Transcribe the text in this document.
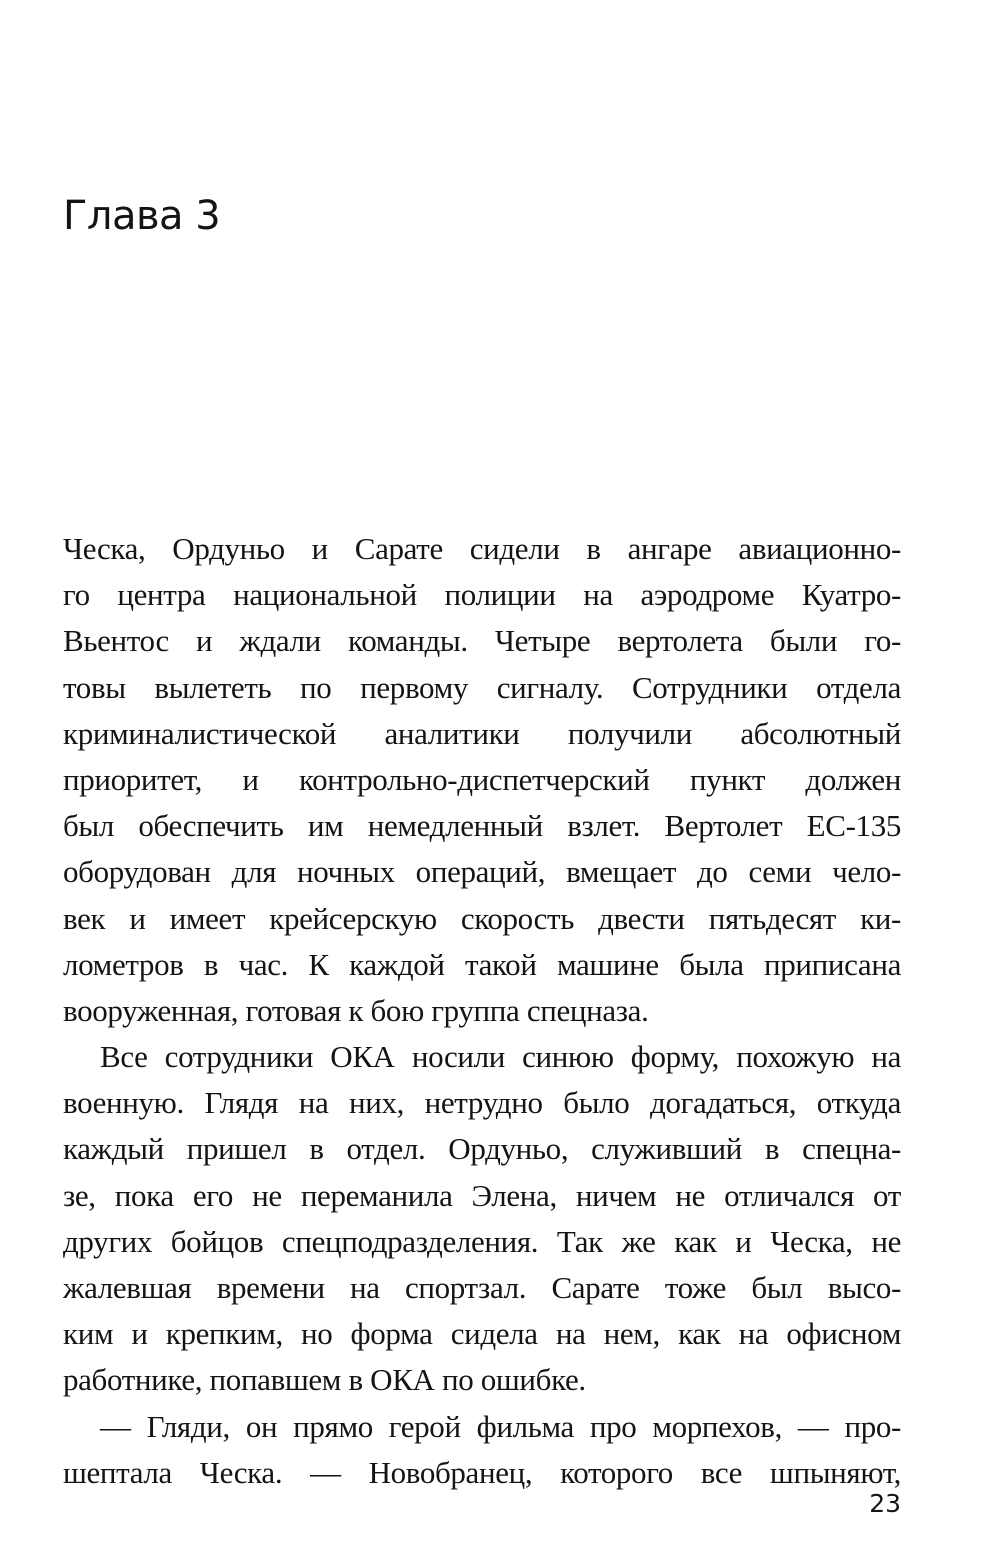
Глава 3
Ческа, Ордуньо и Сарате сидели в ангаре авиационно-
го центра национальной полиции на аэродроме Куатро-
Вьентос и ждали команды. Четыре вертолета были го-
товы вылететь по первому сигналу. Сотрудники отдела
криминалистической аналитики получили абсолютный
приоритет, и контрольно-диспетчерский пункт должен
был обеспечить им немедленный взлет. Вертолет EC-135
оборудован для ночных операций, вмещает до семи чело-
век и имеет крейсерскую скорость двести пятьдесят ки-
лометров в час. К каждой такой машине была приписана
вооруженная, готовая к бою группа спецназа.
Все сотрудники ОКА носили синюю форму, похожую на
военную. Глядя на них, нетрудно было догадаться, откуда
каждый пришел в отдел. Ордуньо, служивший в спецна-
зе, пока его не переманила Элена, ничем не отличался от
других бойцов спецподразделения. Так же как и Ческа, не
жалевшая времени на спортзал. Сарате тоже был высо-
ким и крепким, но форма сидела на нем, как на офисном
работнике, попавшем в ОКА по ошибке.
— Гляди, он прямо герой фильма про морпехов, — про-
шептала Ческа. — Новобранец, которого все шпыняют,
23
